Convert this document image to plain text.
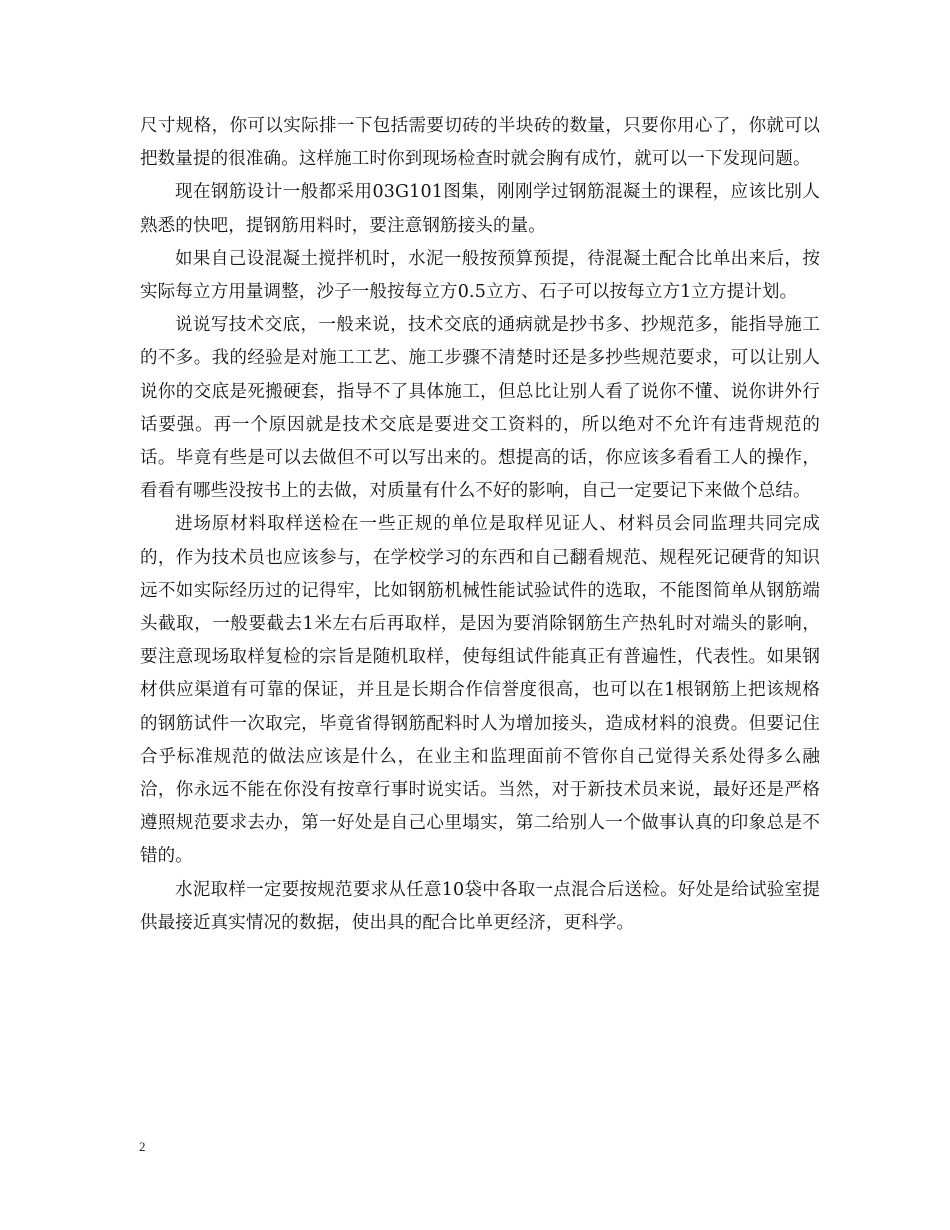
尺寸规格，你可以实际排一下包括需要切砖的半块砖的数量，只要你用心了，你就可以把数量提的很准确。这样施工时你到现场检查时就会胸有成竹，就可以一下发现问题。

现在钢筋设计一般都采用03G101图集，刚刚学过钢筋混凝土的课程，应该比别人熟悉的快吧，提钢筋用料时，要注意钢筋接头的量。

如果自己设混凝土搅拌机时，水泥一般按预算预提，待混凝土配合比单出来后，按实际每立方用量调整，沙子一般按每立方0.5立方、石子可以按每立方1立方提计划。

说说写技术交底，一般来说，技术交底的通病就是抄书多、抄规范多，能指导施工的不多。我的经验是对施工工艺、施工步骤不清楚时还是多抄些规范要求，可以让别人说你的交底是死搬硬套，指导不了具体施工，但总比让别人看了说你不懂、说你讲外行话要强。再一个原因就是技术交底是要进交工资料的，所以绝对不允许有违背规范的话。毕竟有些是可以去做但不可以写出来的。想提高的话，你应该多看看工人的操作，看看有哪些没按书上的去做，对质量有什么不好的影响，自己一定要记下来做个总结。

进场原材料取样送检在一些正规的单位是取样见证人、材料员会同监理共同完成的，作为技术员也应该参与，在学校学习的东西和自己翻看规范、规程死记硬背的知识远不如实际经历过的记得牢，比如钢筋机械性能试验试件的选取，不能图简单从钢筋端头截取，一般要截去1米左右后再取样，是因为要消除钢筋生产热轧时对端头的影响，要注意现场取样复检的宗旨是随机取样，使每组试件能真正有普遍性，代表性。如果钢材供应渠道有可靠的保证，并且是长期合作信誉度很高，也可以在1根钢筋上把该规格的钢筋试件一次取完，毕竟省得钢筋配料时人为增加接头，造成材料的浪费。但要记住合乎标准规范的做法应该是什么，在业主和监理面前不管你自己觉得关系处得多么融洽，你永远不能在你没有按章行事时说实话。当然，对于新技术员来说，最好还是严格遵照规范要求去办，第一好处是自己心里塌实，第二给别人一个做事认真的印象总是不错的。

水泥取样一定要按规范要求从任意10袋中各取一点混合后送检。好处是给试验室提供最接近真实情况的数据，使出具的配合比单更经济，更科学。

2
